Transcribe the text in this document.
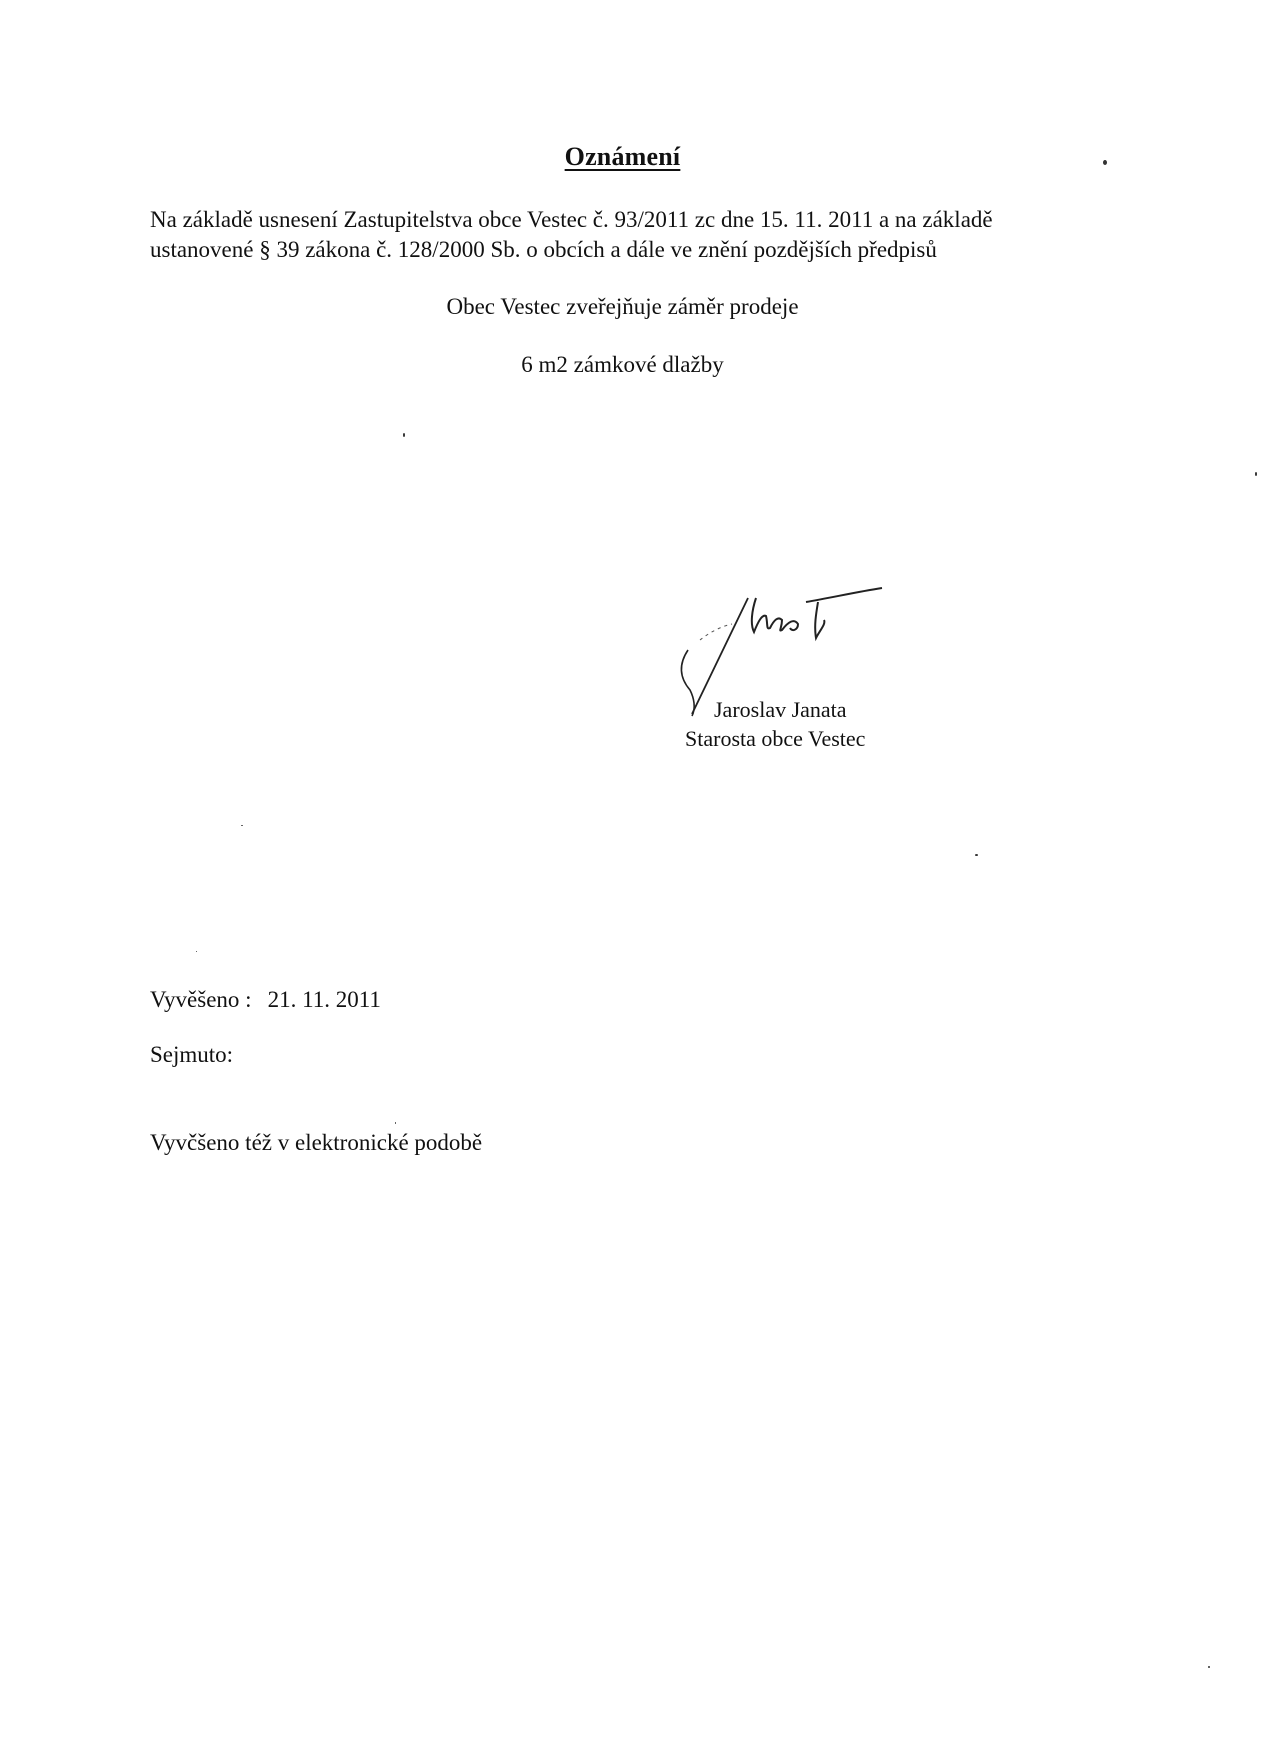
Oznámení
Na základě usnesení Zastupitelstva obce Vestec č. 93/2011 zc dne 15. 11. 2011 a na základě
ustanovené § 39 zákona č. 128/2000 Sb. o obcích a dále ve znění pozdějších předpisů
Obec Vestec zveřejňuje záměr prodeje
6 m2 zámkové dlažby
Jaroslav Janata
Starosta obce Vestec
Vyvěšeno : 21. 11. 2011
Sejmuto:
Vyvčšeno též v elektronické podobě
